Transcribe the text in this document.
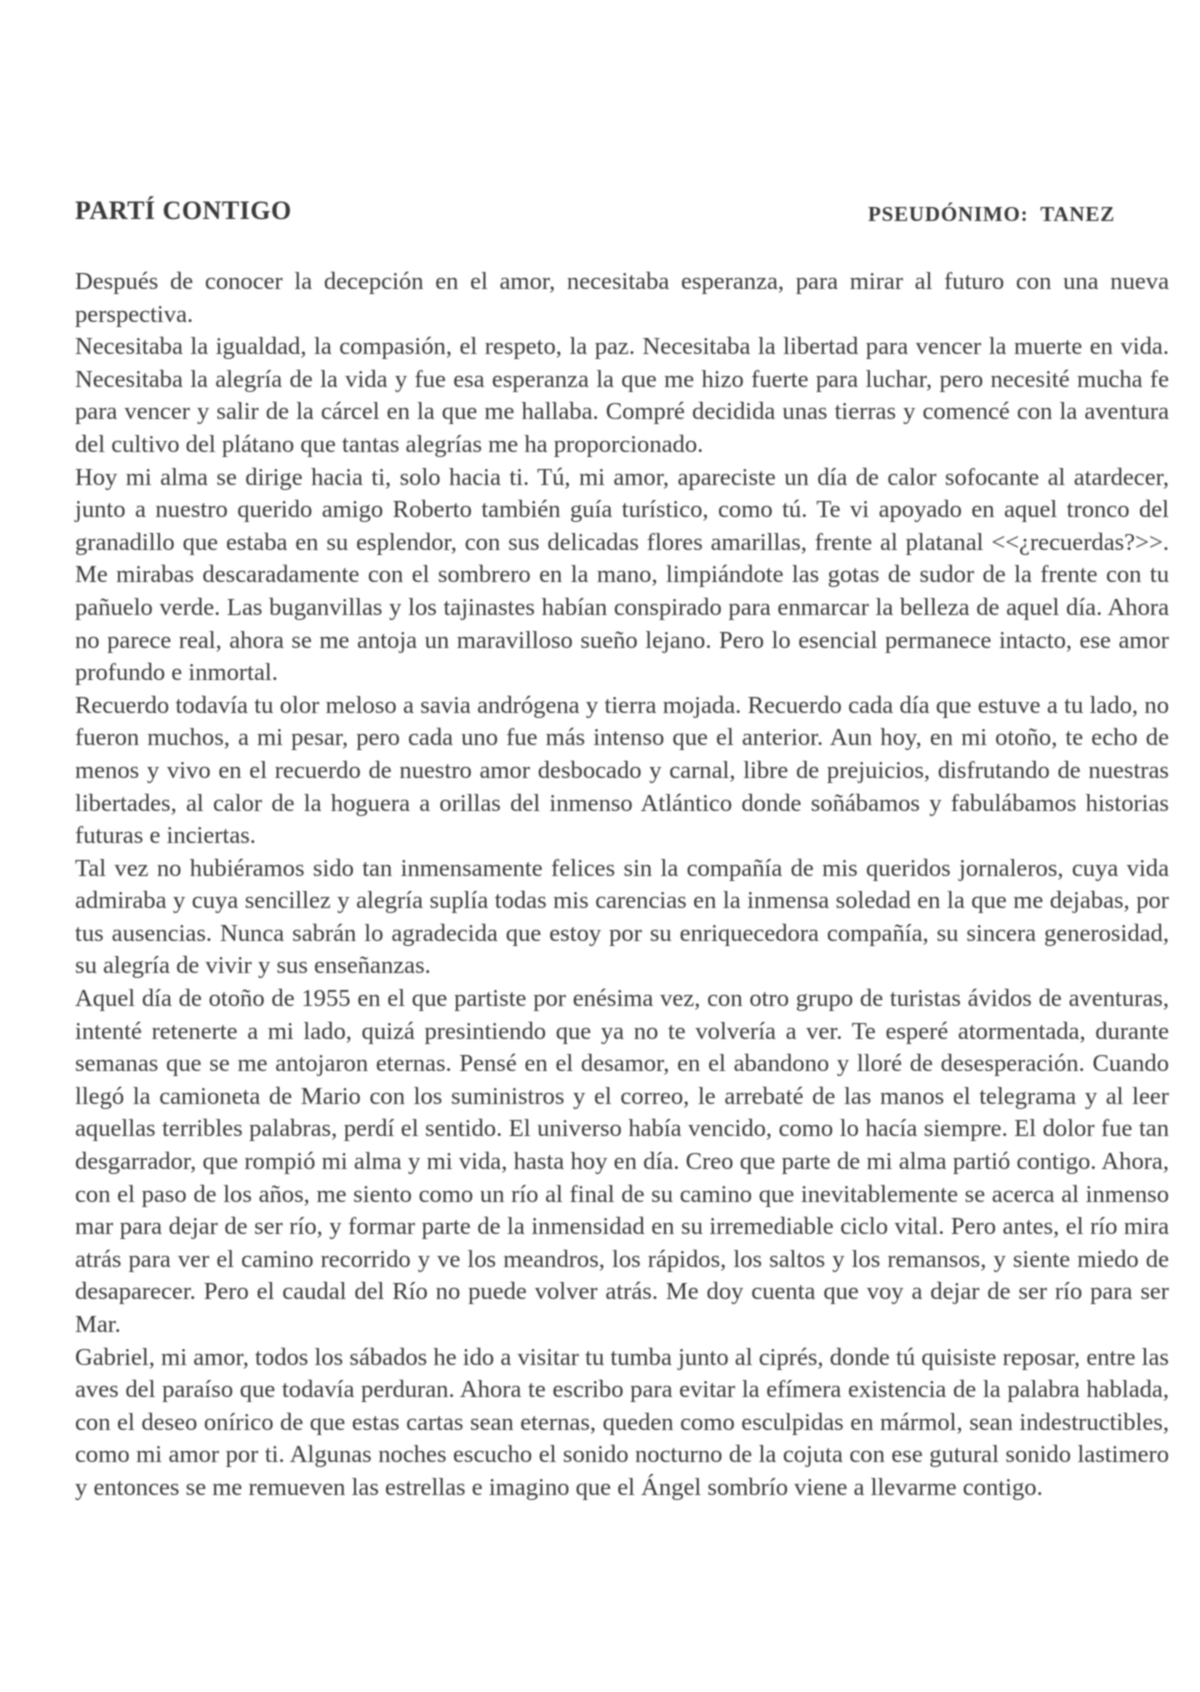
PARTÍ CONTIGO	PSEUDÓNIMO: TANEZ

Después de conocer la decepción en el amor, necesitaba esperanza, para mirar al futuro con una nueva perspectiva.

Necesitaba la igualdad, la compasión, el respeto, la paz. Necesitaba la libertad para vencer la muerte en vida. Necesitaba la alegría de la vida y fue esa esperanza la que me hizo fuerte para luchar, pero necesité mucha fe para vencer y salir de la cárcel en la que me hallaba. Compré decidida unas tierras y comencé con la aventura del cultivo del plátano que tantas alegrías me ha proporcionado.

Hoy mi alma se dirige hacia ti, solo hacia ti. Tú, mi amor, apareciste un día de calor sofocante al atardecer, junto a nuestro querido amigo Roberto también guía turístico, como tú. Te vi apoyado en aquel tronco del granadillo que estaba en su esplendor, con sus delicadas flores amarillas, frente al platanal <<¿recuerdas?>>. Me mirabas descaradamente con el sombrero en la mano, limpiándote las gotas de sudor de la frente con tu pañuelo verde. Las buganvillas y los tajinastes habían conspirado para enmarcar la belleza de aquel día. Ahora no parece real, ahora se me antoja un maravilloso sueño lejano. Pero lo esencial permanece intacto, ese amor profundo e inmortal.

Recuerdo todavía tu olor meloso a savia andrógena y tierra mojada. Recuerdo cada día que estuve a tu lado, no fueron muchos, a mi pesar, pero cada uno fue más intenso que el anterior. Aun hoy, en mi otoño, te echo de menos y vivo en el recuerdo de nuestro amor desbocado y carnal, libre de prejuicios, disfrutando de nuestras libertades, al calor de la hoguera a orillas del inmenso Atlántico donde soñábamos y fabulábamos historias futuras e inciertas.

Tal vez no hubiéramos sido tan inmensamente felices sin la compañía de mis queridos jornaleros, cuya vida admiraba y cuya sencillez y alegría suplía todas mis carencias en la inmensa soledad en la que me dejabas, por tus ausencias. Nunca sabrán lo agradecida que estoy por su enriquecedora compañía, su sincera generosidad, su alegría de vivir y sus enseñanzas.

Aquel día de otoño de 1955 en el que partiste por enésima vez, con otro grupo de turistas ávidos de aventuras, intenté retenerte a mi lado, quizá presintiendo que ya no te volvería a ver. Te esperé atormentada, durante semanas que se me antojaron eternas. Pensé en el desamor, en el abandono y lloré de desesperación. Cuando llegó la camioneta de Mario con los suministros y el correo, le arrebaté de las manos el telegrama y al leer aquellas terribles palabras, perdí el sentido. El universo había vencido, como lo hacía siempre. El dolor fue tan desgarrador, que rompió mi alma y mi vida, hasta hoy en día. Creo que parte de mi alma partió contigo. Ahora, con el paso de los años, me siento como un río al final de su camino que inevitablemente se acerca al inmenso mar para dejar de ser río, y formar parte de la inmensidad en su irremediable ciclo vital. Pero antes, el río mira atrás para ver el camino recorrido y ve los meandros, los rápidos, los saltos y los remansos, y siente miedo de desaparecer. Pero el caudal del Río no puede volver atrás. Me doy cuenta que voy a dejar de ser río para ser Mar.

Gabriel, mi amor, todos los sábados he ido a visitar tu tumba junto al ciprés, donde tú quisiste reposar, entre las aves del paraíso que todavía perduran. Ahora te escribo para evitar la efímera existencia de la palabra hablada, con el deseo onírico de que estas cartas sean eternas, queden como esculpidas en mármol, sean indestructibles, como mi amor por ti. Algunas noches escucho el sonido nocturno de la cojuta con ese gutural sonido lastimero y entonces se me remueven las estrellas e imagino que el Ángel sombrío viene a llevarme contigo.
